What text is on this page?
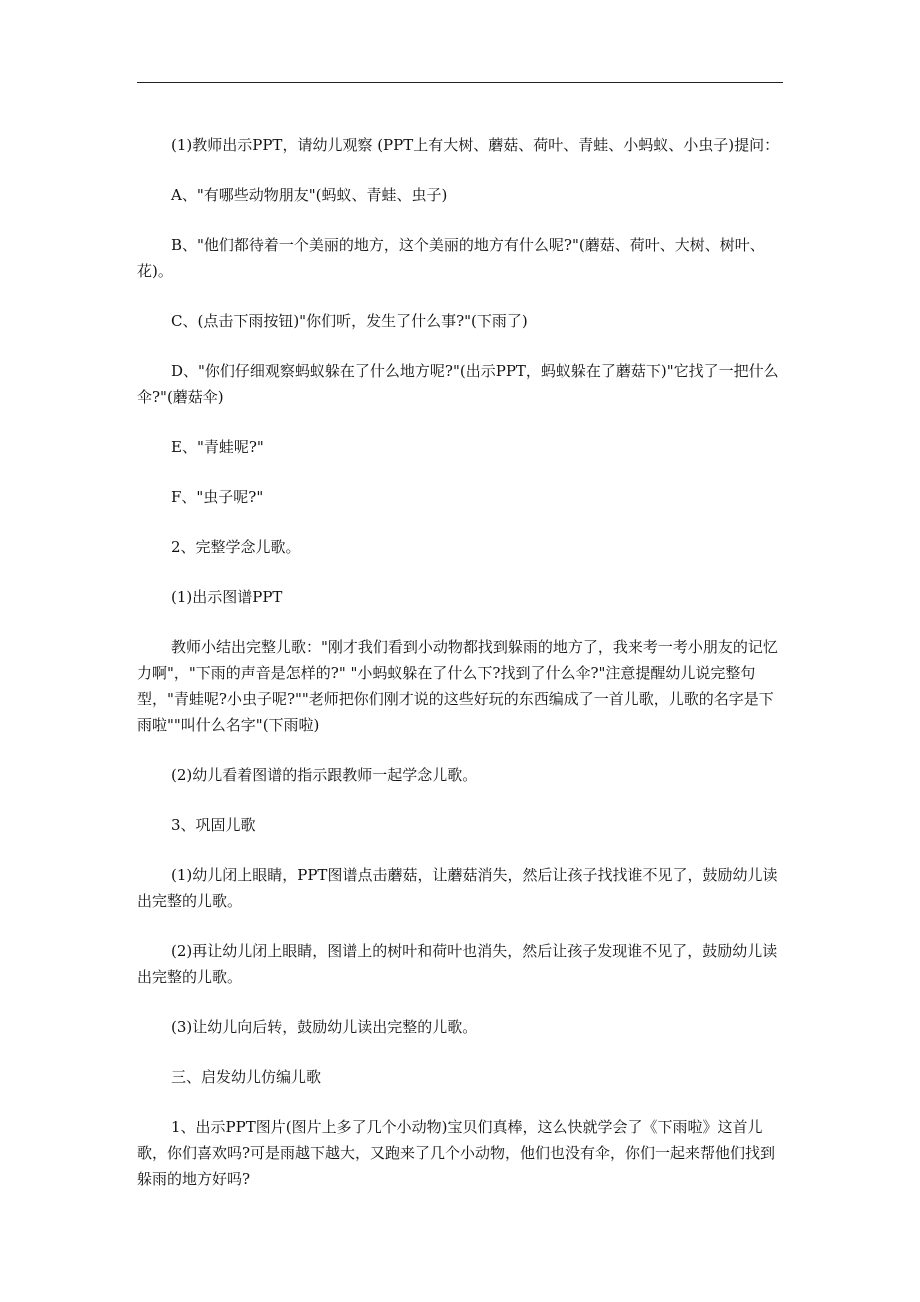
(1)教师出示PPT，请幼儿观察 (PPT上有大树、蘑菇、荷叶、青蛙、小蚂蚁、小虫子)提问：

A、"有哪些动物朋友"(蚂蚁、青蛙、虫子)

B、"他们都待着一个美丽的地方，这个美丽的地方有什么呢?"(蘑菇、荷叶、大树、树叶、花)。

C、(点击下雨按钮)"你们听，发生了什么事?"(下雨了)

D、"你们仔细观察蚂蚁躲在了什么地方呢?"(出示PPT，蚂蚁躲在了蘑菇下)"它找了一把什么伞?"(蘑菇伞)

E、"青蛙呢?"

F、"虫子呢?"

2、完整学念儿歌。

(1)出示图谱PPT

教师小结出完整儿歌："刚才我们看到小动物都找到躲雨的地方了，我来考一考小朋友的记忆力啊"，"下雨的声音是怎样的?" "小蚂蚁躲在了什么下?找到了什么伞?"注意提醒幼儿说完整句型，"青蛙呢?小虫子呢?""老师把你们刚才说的这些好玩的东西编成了一首儿歌，儿歌的名字是下雨啦""叫什么名字"(下雨啦)

(2)幼儿看着图谱的指示跟教师一起学念儿歌。

3、巩固儿歌

(1)幼儿闭上眼睛，PPT图谱点击蘑菇，让蘑菇消失，然后让孩子找找谁不见了，鼓励幼儿读出完整的儿歌。

(2)再让幼儿闭上眼睛，图谱上的树叶和荷叶也消失，然后让孩子发现谁不见了，鼓励幼儿读出完整的儿歌。

(3)让幼儿向后转，鼓励幼儿读出完整的儿歌。

三、启发幼儿仿编儿歌

1、出示PPT图片(图片上多了几个小动物)宝贝们真棒，这么快就学会了《下雨啦》这首儿歌，你们喜欢吗?可是雨越下越大，又跑来了几个小动物，他们也没有伞，你们一起来帮他们找到躲雨的地方好吗?
